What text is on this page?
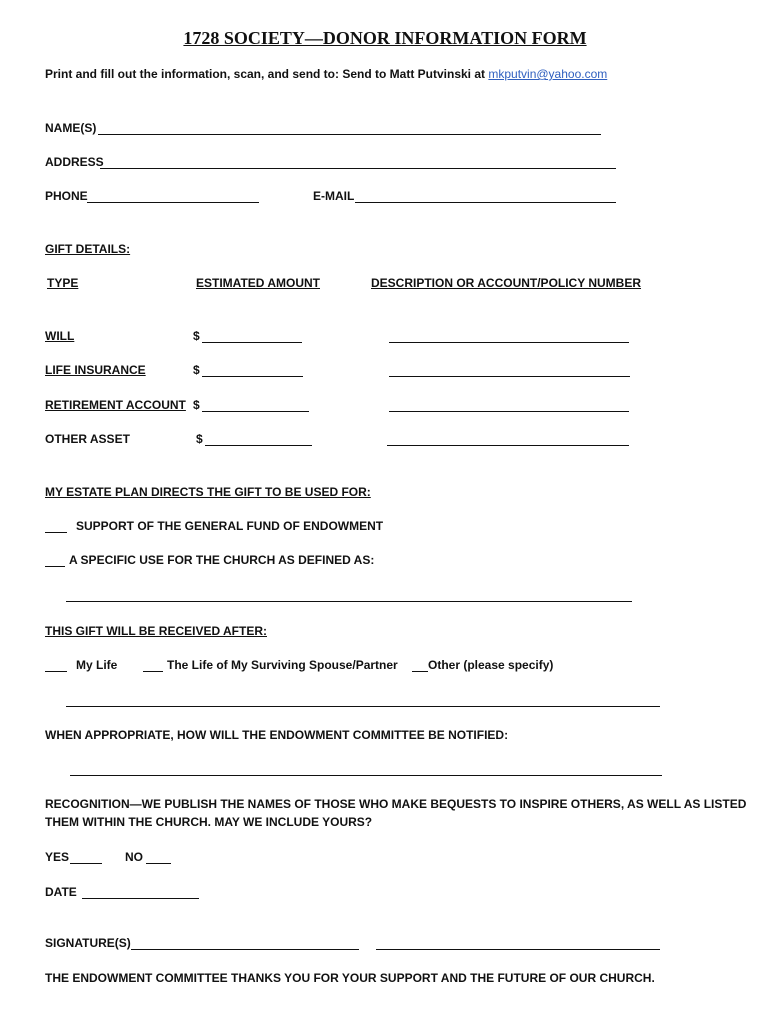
1728 SOCIETY—DONOR INFORMATION FORM
Print and fill out the information, scan, and send to: Send to Matt Putvinski at mkputvin@yahoo.com
NAME(S)
ADDRESS
PHONE	E-MAIL
GIFT DETAILS:
TYPE	ESTIMATED AMOUNT	DESCRIPTION OR ACCOUNT/POLICY NUMBER
WILL	$
LIFE INSURANCE	$
RETIREMENT ACCOUNT $
OTHER ASSET	$
MY ESTATE PLAN DIRECTS THE GIFT TO BE USED FOR:
SUPPORT OF THE GENERAL FUND OF ENDOWMENT
A SPECIFIC USE FOR THE CHURCH AS DEFINED AS:
THIS GIFT WILL BE RECEIVED AFTER:
My Life	The Life of My Surviving Spouse/Partner	Other (please specify)
WHEN APPROPRIATE, HOW WILL THE ENDOWMENT COMMITTEE BE NOTIFIED:
RECOGNITION—WE PUBLISH THE NAMES OF THOSE WHO MAKE BEQUESTS TO INSPIRE OTHERS, AS WELL AS LISTED
THEM WITHIN THE CHURCH. MAY WE INCLUDE YOURS?
YES	NO
DATE
SIGNATURE(S)
THE ENDOWMENT COMMITTEE THANKS YOU FOR YOUR SUPPORT AND THE FUTURE OF OUR CHURCH.
